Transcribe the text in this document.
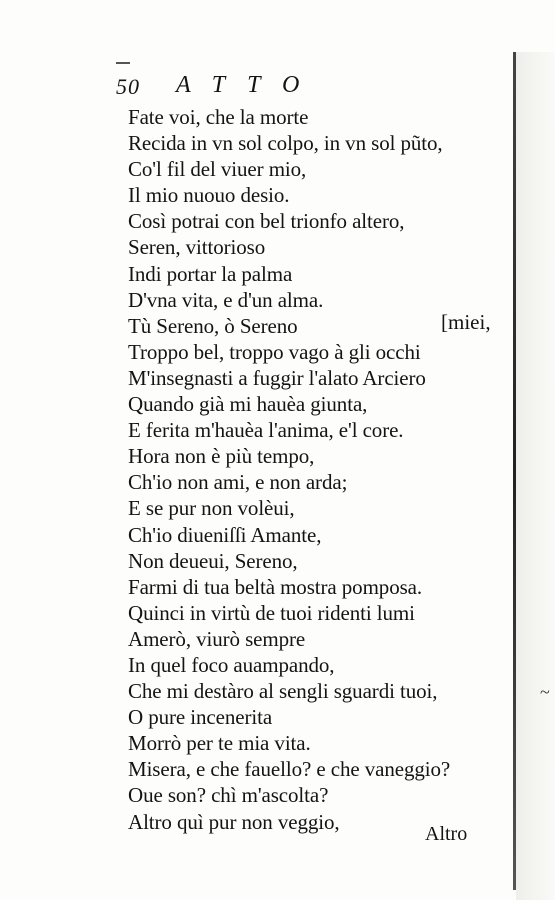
50 ATTO
Fate voi, che la morte
Recida in vn sol colpo, in vn sol pũto,
Co'l fil del viuer mio,
Il mio nuouo desio.
Così potrai con bel trionfo altero,
Seren, vittorioso
Indi portar la palma
D'vna vita, e d'un alma.
Tù Sereno, ò Sereno
Troppo bel, troppo vago à gli occhi
M'insegnasti a fuggir l'alato Arciero
Quando già mi hauèa giunta,
E ferita m'hauèa l'anima, e'l core.
Hora non è più tempo,
Ch'io non ami, e non arda;
E se pur non volèui,
Ch'io diueniſſi Amante,
Non deueui, Sereno,
Farmi di tua beltà mostra pomposa.
Quinci in virtù de tuoi ridenti lumi
Amerò, viurò sempre
In quel foco auampando,
Che mi destàro al sengli sguardi tuoi,
O pure incenerita
Morrò per te mia vita.
Misera, e che fauello? e che vaneggio?
Oue son? chì m'ascolta?
Altro quì pur non veggio,
[miei,
Altro
~
